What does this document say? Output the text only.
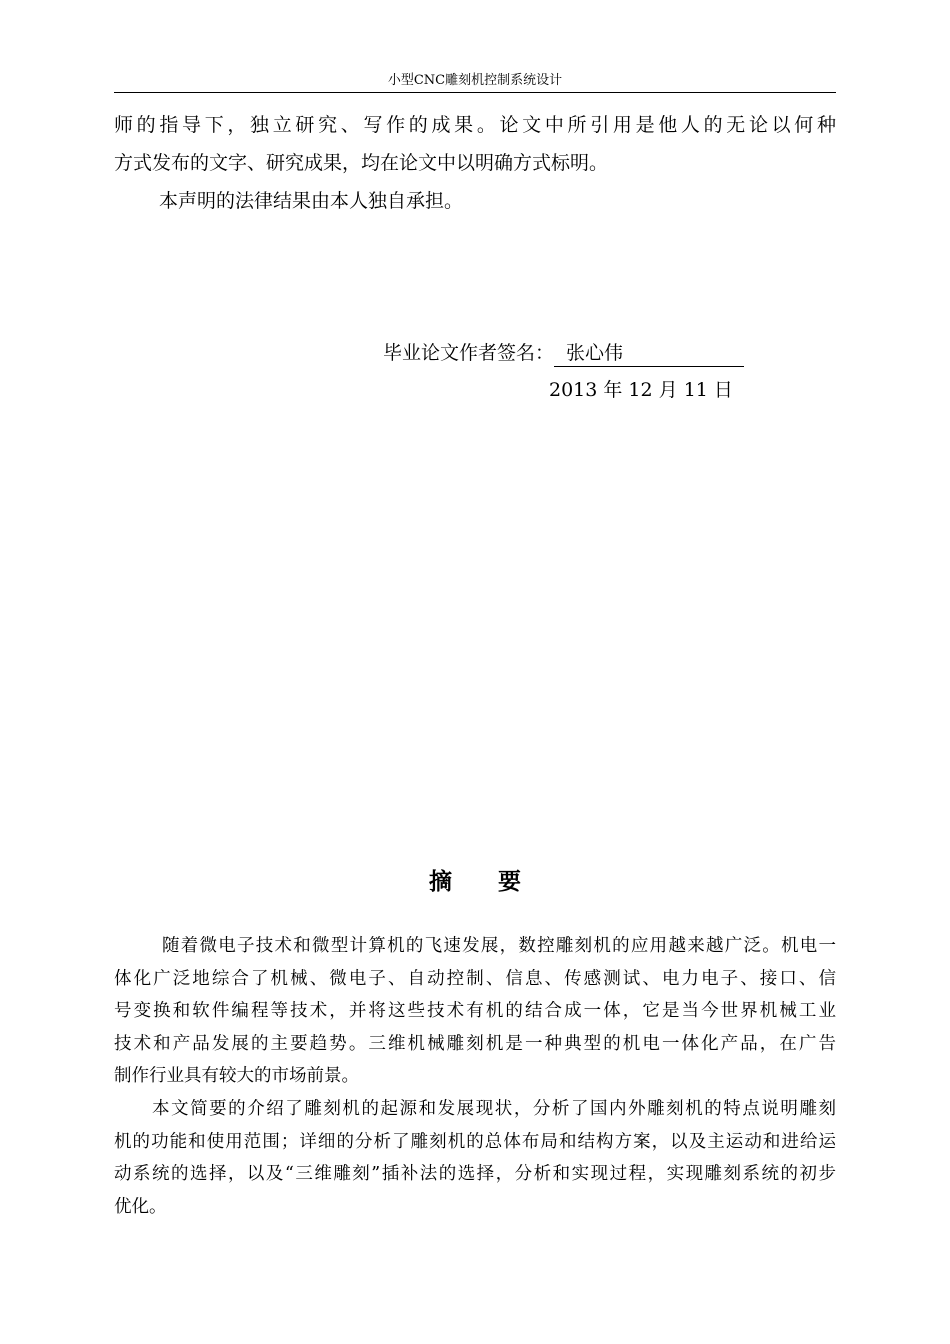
小型CNC雕刻机控制系统设计
师的指导下，独立研究、写作的成果。论文中所引用是他人的无论以何种
方式发布的文字、研究成果，均在论文中以明确方式标明。
本声明的法律结果由本人独自承担。
毕业论文作者签名： 张心伟
2013 年 12 月 11 日
摘要
随着微电子技术和微型计算机的飞速发展，数控雕刻机的应用越来越广泛。机电一
体化广泛地综合了机械、微电子、自动控制、信息、传感测试、电力电子、接口、信
号变换和软件编程等技术，并将这些技术有机的结合成一体，它是当今世界机械工业
技术和产品发展的主要趋势。三维机械雕刻机是一种典型的机电一体化产品，在广告
制作行业具有较大的市场前景。
本文简要的介绍了雕刻机的起源和发展现状，分析了国内外雕刻机的特点说明雕刻
机的功能和使用范围；详细的分析了雕刻机的总体布局和结构方案，以及主运动和进给运
动系统的选择，以及“三维雕刻”插补法的选择，分析和实现过程，实现雕刻系统的初步
优化。
